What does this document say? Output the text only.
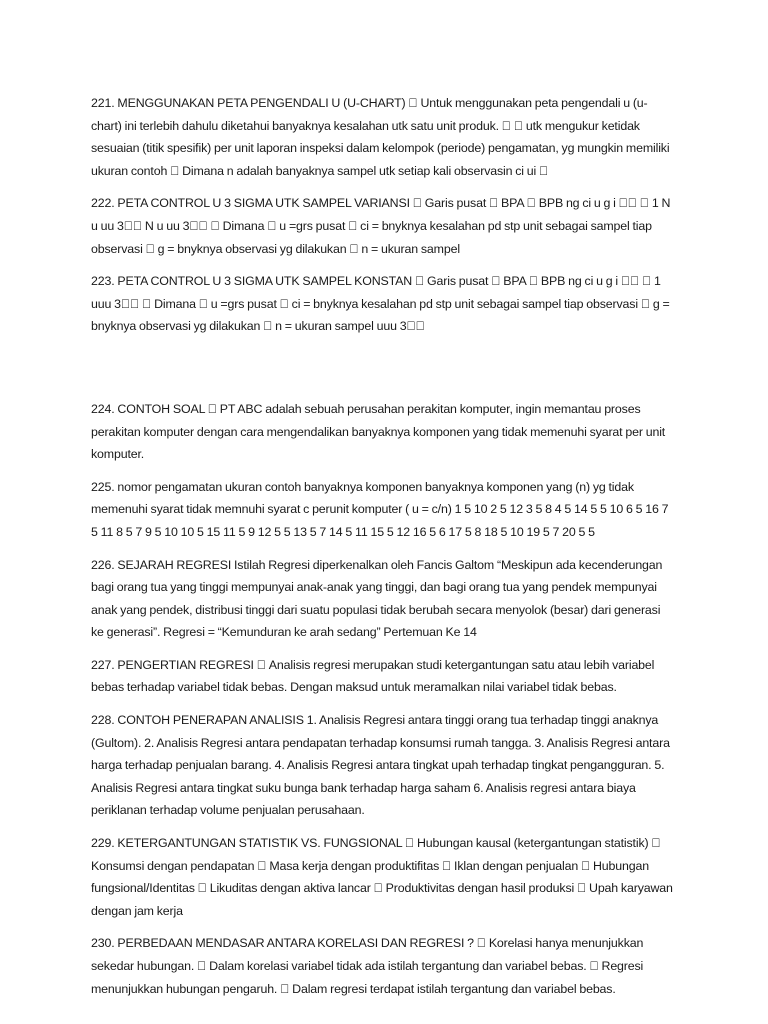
221. MENGGUNAKAN PETA PENGENDALI U (U-CHART) Untuk menggunakan peta pengendali u (u-chart) ini terlebih dahulu diketahui banyaknya kesalahan utk satu unit produk. utk mengukur ketidak sesuaian (titik spesifik) per unit laporan inspeksi dalam kelompok (periode) pengamatan, yg mungkin memiliki ukuran contoh Dimana n adalah banyaknya sampel utk setiap kali observasin ci ui

222. PETA CONTROL U 3 SIGMA UTK SAMPEL VARIANSI Garis pusat BPA BPB ng ci u g i 1 N u uu 3 N u uu 3 Dimana u =grs pusat ci = bnyknya kesalahan pd stp unit sebagai sampel tiap observasi g = bnyknya observasi yg dilakukan n = ukuran sampel

223. PETA CONTROL U 3 SIGMA UTK SAMPEL KONSTAN Garis pusat BPA BPB ng ci u g i 1 uuu 3 Dimana u =grs pusat ci = bnyknya kesalahan pd stp unit sebagai sampel tiap observasi g = bnyknya observasi yg dilakukan n = ukuran sampel uuu 3

224. CONTOH SOAL PT ABC adalah sebuah perusahan perakitan komputer, ingin memantau proses perakitan komputer dengan cara mengendalikan banyaknya komponen yang tidak memenuhi syarat per unit komputer.

225. nomor pengamatan ukuran contoh banyaknya komponen banyaknya komponen yang (n) yg tidak memenuhi syarat tidak memnuhi syarat c perunit komputer ( u = c/n) 1 5 10 2 5 12 3 5 8 4 5 14 5 5 10 6 5 16 7 5 11 8 5 7 9 5 10 10 5 15 11 5 9 12 5 5 13 5 7 14 5 11 15 5 12 16 5 6 17 5 8 18 5 10 19 5 7 20 5 5

226. SEJARAH REGRESI Istilah Regresi diperkenalkan oleh Fancis Galtom “Meskipun ada kecenderungan bagi orang tua yang tinggi mempunyai anak-anak yang tinggi, dan bagi orang tua yang pendek mempunyai anak yang pendek, distribusi tinggi dari suatu populasi tidak berubah secara menyolok (besar) dari generasi ke generasi”. Regresi = “Kemunduran ke arah sedang” Pertemuan Ke 14

227. PENGERTIAN REGRESI Analisis regresi merupakan studi ketergantungan satu atau lebih variabel bebas terhadap variabel tidak bebas. Dengan maksud untuk meramalkan nilai variabel tidak bebas.

228. CONTOH PENERAPAN ANALISIS 1. Analisis Regresi antara tinggi orang tua terhadap tinggi anaknya (Gultom). 2. Analisis Regresi antara pendapatan terhadap konsumsi rumah tangga. 3. Analisis Regresi antara harga terhadap penjualan barang. 4. Analisis Regresi antara tingkat upah terhadap tingkat pengangguran. 5. Analisis Regresi antara tingkat suku bunga bank terhadap harga saham 6. Analisis regresi antara biaya periklanan terhadap volume penjualan perusahaan.

229. KETERGANTUNGAN STATISTIK VS. FUNGSIONAL Hubungan kausal (ketergantungan statistik) Konsumsi dengan pendapatan Masa kerja dengan produktifitas Iklan dengan penjualan Hubungan fungsional/Identitas Likuditas dengan aktiva lancar Produktivitas dengan hasil produksi Upah karyawan dengan jam kerja

230. PERBEDAAN MENDASAR ANTARA KORELASI DAN REGRESI ? Korelasi hanya menunjukkan sekedar hubungan. Dalam korelasi variabel tidak ada istilah tergantung dan variabel bebas. Regresi menunjukkan hubungan pengaruh. Dalam regresi terdapat istilah tergantung dan variabel bebas.
